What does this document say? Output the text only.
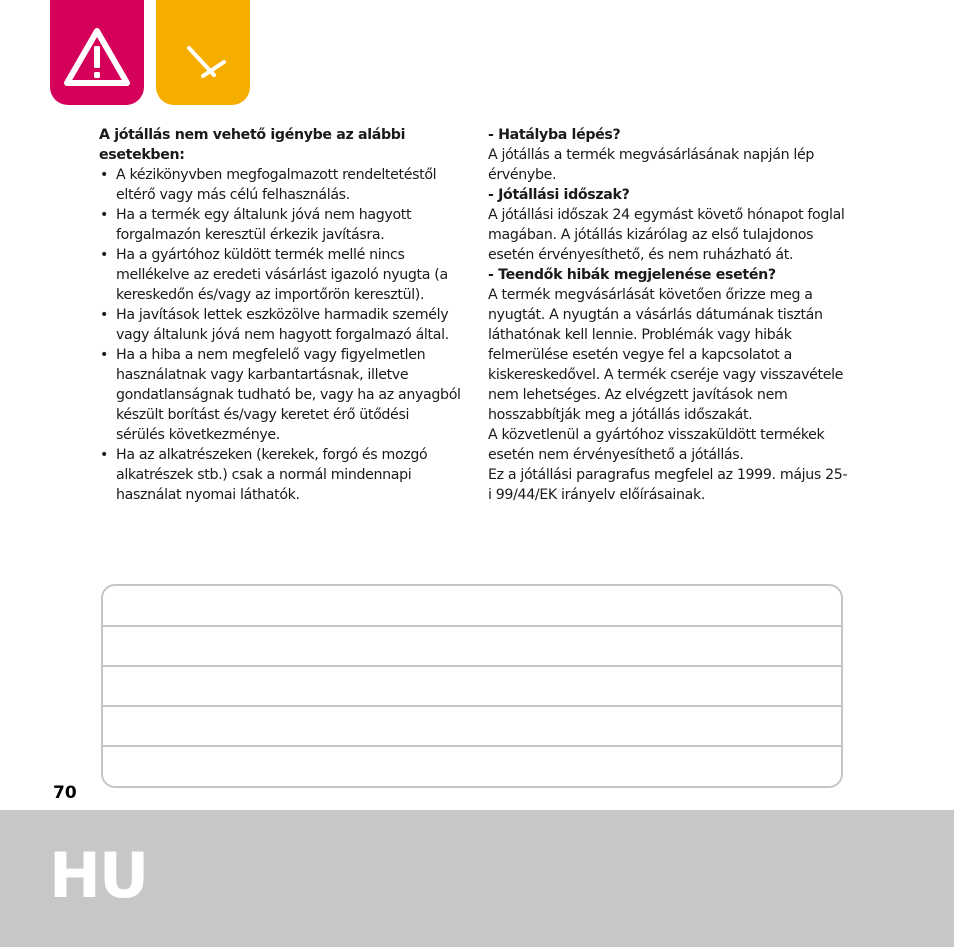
A jótállás nem vehető igénybe az alábbi esetekben:

• A kézikönyvben megfogalmazott rendeltetéstől eltérő vagy más célú felhasználás.
• Ha a termék egy általunk jóvá nem hagyott forgalmazón keresztül érkezik javításra.
• Ha a gyártóhoz küldött termék mellé nincs mellékelve az eredeti vásárlást igazoló nyugta (a kereskedőn és/vagy az importőrön keresztül).
• Ha javítások lettek eszközölve harmadik személy vagy általunk jóvá nem hagyott forgalmazó által.
• Ha a hiba a nem megfelelő vagy figyelmetlen használatnak vagy karbantartásnak, illetve gondatlanságnak tudható be, vagy ha az anyagból készült borítást és/vagy keretet érő ütődési sérülés következménye.
• Ha az alkatrészeken (kerekek, forgó és mozgó alkatrészek stb.) csak a normál mindennapi használat nyomai láthatók.

- Hatályba lépés?

A jótállás a termék megvásárlásának napján lép érvénybe.

- Jótállási időszak?

A jótállási időszak 24 egymást követő hónapot foglal magában. A jótállás kizárólag az első tulajdonos esetén érvényesíthető, és nem ruházható át.

- Teendők hibák megjelenése esetén?

A termék megvásárlását követően őrizze meg a nyugtát. A nyugtán a vásárlás dátumának tisztán láthatónak kell lennie. Problémák vagy hibák felmerülése esetén vegye fel a kapcsolatot a kiskereskedővel. A termék cseréje vagy visszavétele nem lehetséges. Az elvégzett javítások nem hosszabbítják meg a jótállás időszakát.

A közvetlenül a gyártóhoz visszaküldött termékek esetén nem érvényesíthető a jótállás.

Ez a jótállási paragrafus megfelel az 1999. május 25-i 99/44/EK irányelv előírásainak.

70
HU
